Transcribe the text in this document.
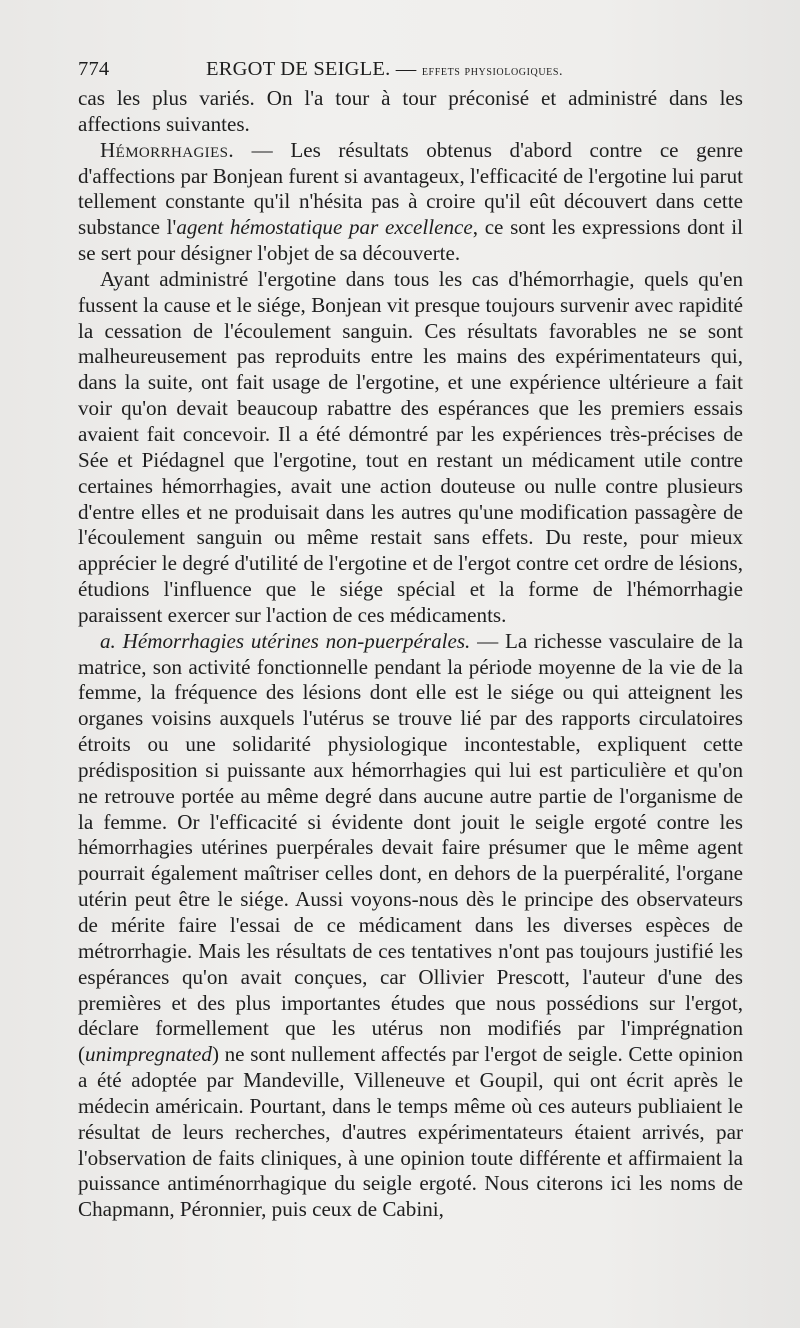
774	ERGOT DE SEIGLE. — effets physiologiques.

cas les plus variés. On l'a tour à tour préconisé et administré dans les affections suivantes.

Hémorrhagies. — Les résultats obtenus d'abord contre ce genre d'affections par Bonjean furent si avantageux, l'efficacité de l'ergotine lui parut tellement constante qu'il n'hésita pas à croire qu'il eût découvert dans cette substance l'agent hémostatique par excellence, ce sont les expressions dont il se sert pour désigner l'objet de sa découverte.

Ayant administré l'ergotine dans tous les cas d'hémorrhagie, quels qu'en fussent la cause et le siége, Bonjean vit presque toujours survenir avec rapidité la cessation de l'écoulement sanguin. Ces résultats favorables ne se sont malheureusement pas reproduits entre les mains des expérimentateurs qui, dans la suite, ont fait usage de l'ergotine, et une expérience ultérieure a fait voir qu'on devait beaucoup rabattre des espérances que les premiers essais avaient fait concevoir. Il a été démontré par les expériences très-précises de Sée et Piédagnel que l'ergotine, tout en restant un médicament utile contre certaines hémorrhagies, avait une action douteuse ou nulle contre plusieurs d'entre elles et ne produisait dans les autres qu'une modification passagère de l'écoulement sanguin ou même restait sans effets. Du reste, pour mieux apprécier le degré d'utilité de l'ergotine et de l'ergot contre cet ordre de lésions, étudions l'influence que le siége spécial et la forme de l'hémorrhagie paraissent exercer sur l'action de ces médicaments.

a. Hémorrhagies utérines non-puerpérales. — La richesse vasculaire de la matrice, son activité fonctionnelle pendant la période moyenne de la vie de la femme, la fréquence des lésions dont elle est le siége ou qui atteignent les organes voisins auxquels l'utérus se trouve lié par des rapports circulatoires étroits ou une solidarité physiologique incontestable, expliquent cette prédisposition si puissante aux hémorrhagies qui lui est particulière et qu'on ne retrouve portée au même degré dans aucune autre partie de l'organisme de la femme. Or l'efficacité si évidente dont jouit le seigle ergoté contre les hémorrhagies utérines puerpérales devait faire présumer que le même agent pourrait également maîtriser celles dont, en dehors de la puerpéralité, l'organe utérin peut être le siége. Aussi voyons-nous dès le principe des observateurs de mérite faire l'essai de ce médicament dans les diverses espèces de métrorrhagie. Mais les résultats de ces tentatives n'ont pas toujours justifié les espérances qu'on avait conçues, car Ollivier Prescott, l'auteur d'une des premières et des plus importantes études que nous possédions sur l'ergot, déclare formellement que les utérus non modifiés par l'imprégnation (unimpregnated) ne sont nullement affectés par l'ergot de seigle. Cette opinion a été adoptée par Mandeville, Villeneuve et Goupil, qui ont écrit après le médecin américain. Pourtant, dans le temps même où ces auteurs publiaient le résultat de leurs recherches, d'autres expérimentateurs étaient arrivés, par l'observation de faits cliniques, à une opinion toute différente et affirmaient la puissance antiménorrhagique du seigle ergoté. Nous citerons ici les noms de Chapmann, Péronnier, puis ceux de Cabini,
